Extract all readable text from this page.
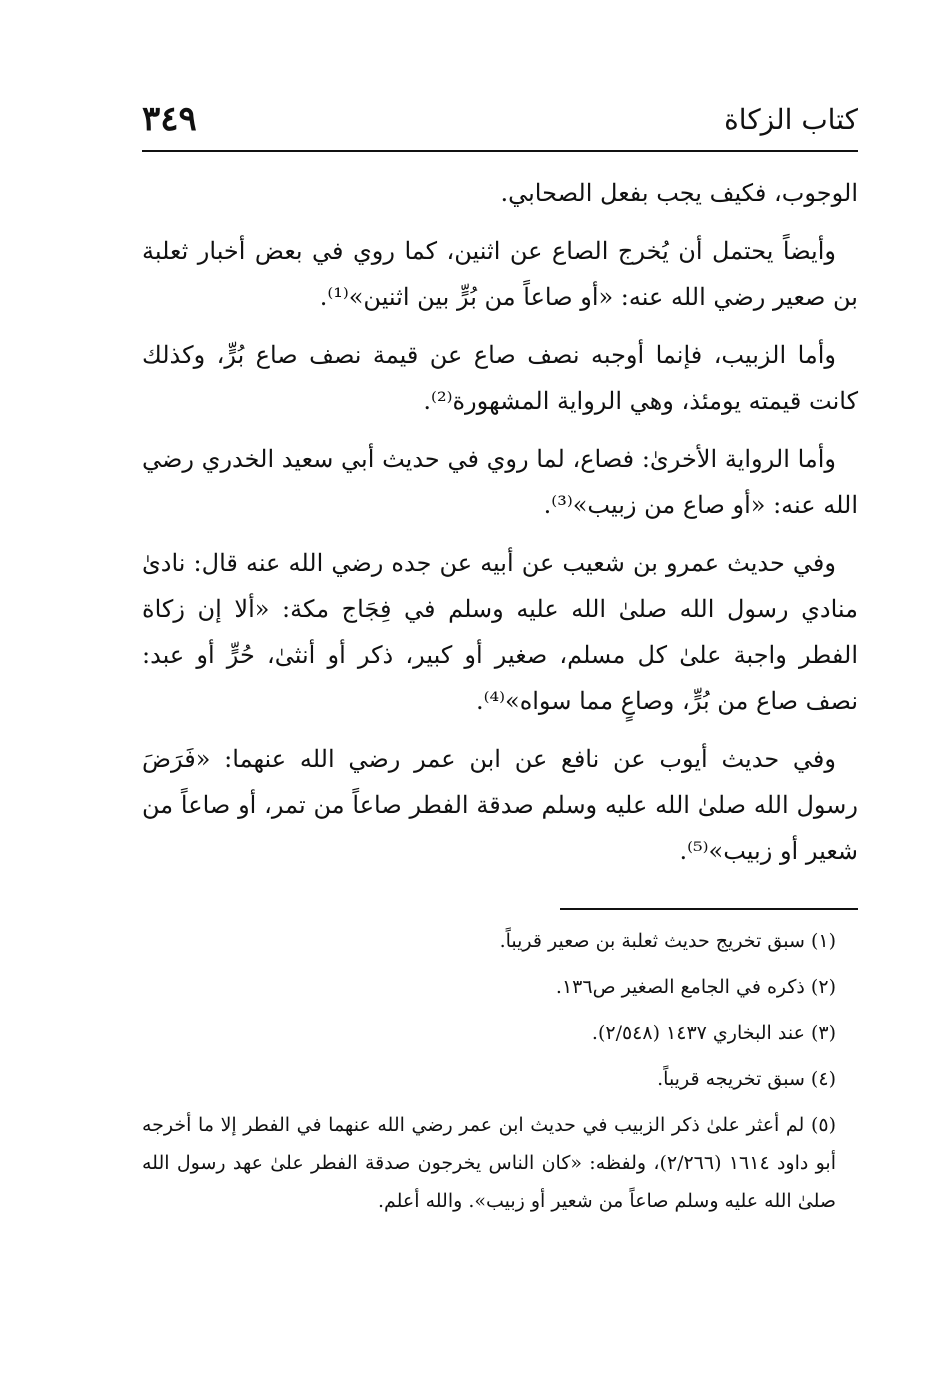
كتاب الزكاة
٣٤٩

الوجوب، فكيف يجب بفعل الصحابي.

وأيضاً يحتمل أن يُخرج الصاع عن اثنين، كما روي في بعض أخبار ثعلبة بن صعير رضي الله عنه: «أو صاعاً من بُرٍّ بين اثنين»⁽¹⁾.

وأما الزبيب، فإنما أوجبه نصف صاع عن قيمة نصف صاع بُرٍّ، وكذلك كانت قيمته يومئذ، وهي الرواية المشهورة⁽²⁾.

وأما الرواية الأخرىٰ: فصاع، لما روي في حديث أبي سعيد الخدري رضي الله عنه: «أو صاع من زبيب»⁽³⁾.

وفي حديث عمرو بن شعيب عن أبيه عن جده رضي الله عنه قال: نادىٰ منادي رسول الله صلىٰ الله عليه وسلم في فِجَاج مكة: «ألا إن زكاة الفطر واجبة علىٰ كل مسلم، صغير أو كبير، ذكر أو أنثىٰ، حُرٍّ أو عبد: نصف صاع من بُرٍّ، وصاعٍ مما سواه»⁽⁴⁾.

وفي حديث أيوب عن نافع عن ابن عمر رضي الله عنهما: «فَرَضَ رسول الله صلىٰ الله عليه وسلم صدقة الفطر صاعاً من تمر، أو صاعاً من شعير أو زبيب»⁽⁵⁾.

(١) سبق تخريج حديث ثعلبة بن صعير قريباً.

(٢) ذكره في الجامع الصغير ص١٣٦.

(٣) عند البخاري ١٤٣٧ (٢/٥٤٨).

(٤) سبق تخريجه قريباً.

(٥) لم أعثر علىٰ ذكر الزبيب في حديث ابن عمر رضي الله عنهما في الفطر إلا ما أخرجه أبو داود ١٦١٤ (٢/٢٦٦)، ولفظه: «كان الناس يخرجون صدقة الفطر علىٰ عهد رسول الله صلىٰ الله عليه وسلم صاعاً من شعير أو زبيب». والله أعلم.
